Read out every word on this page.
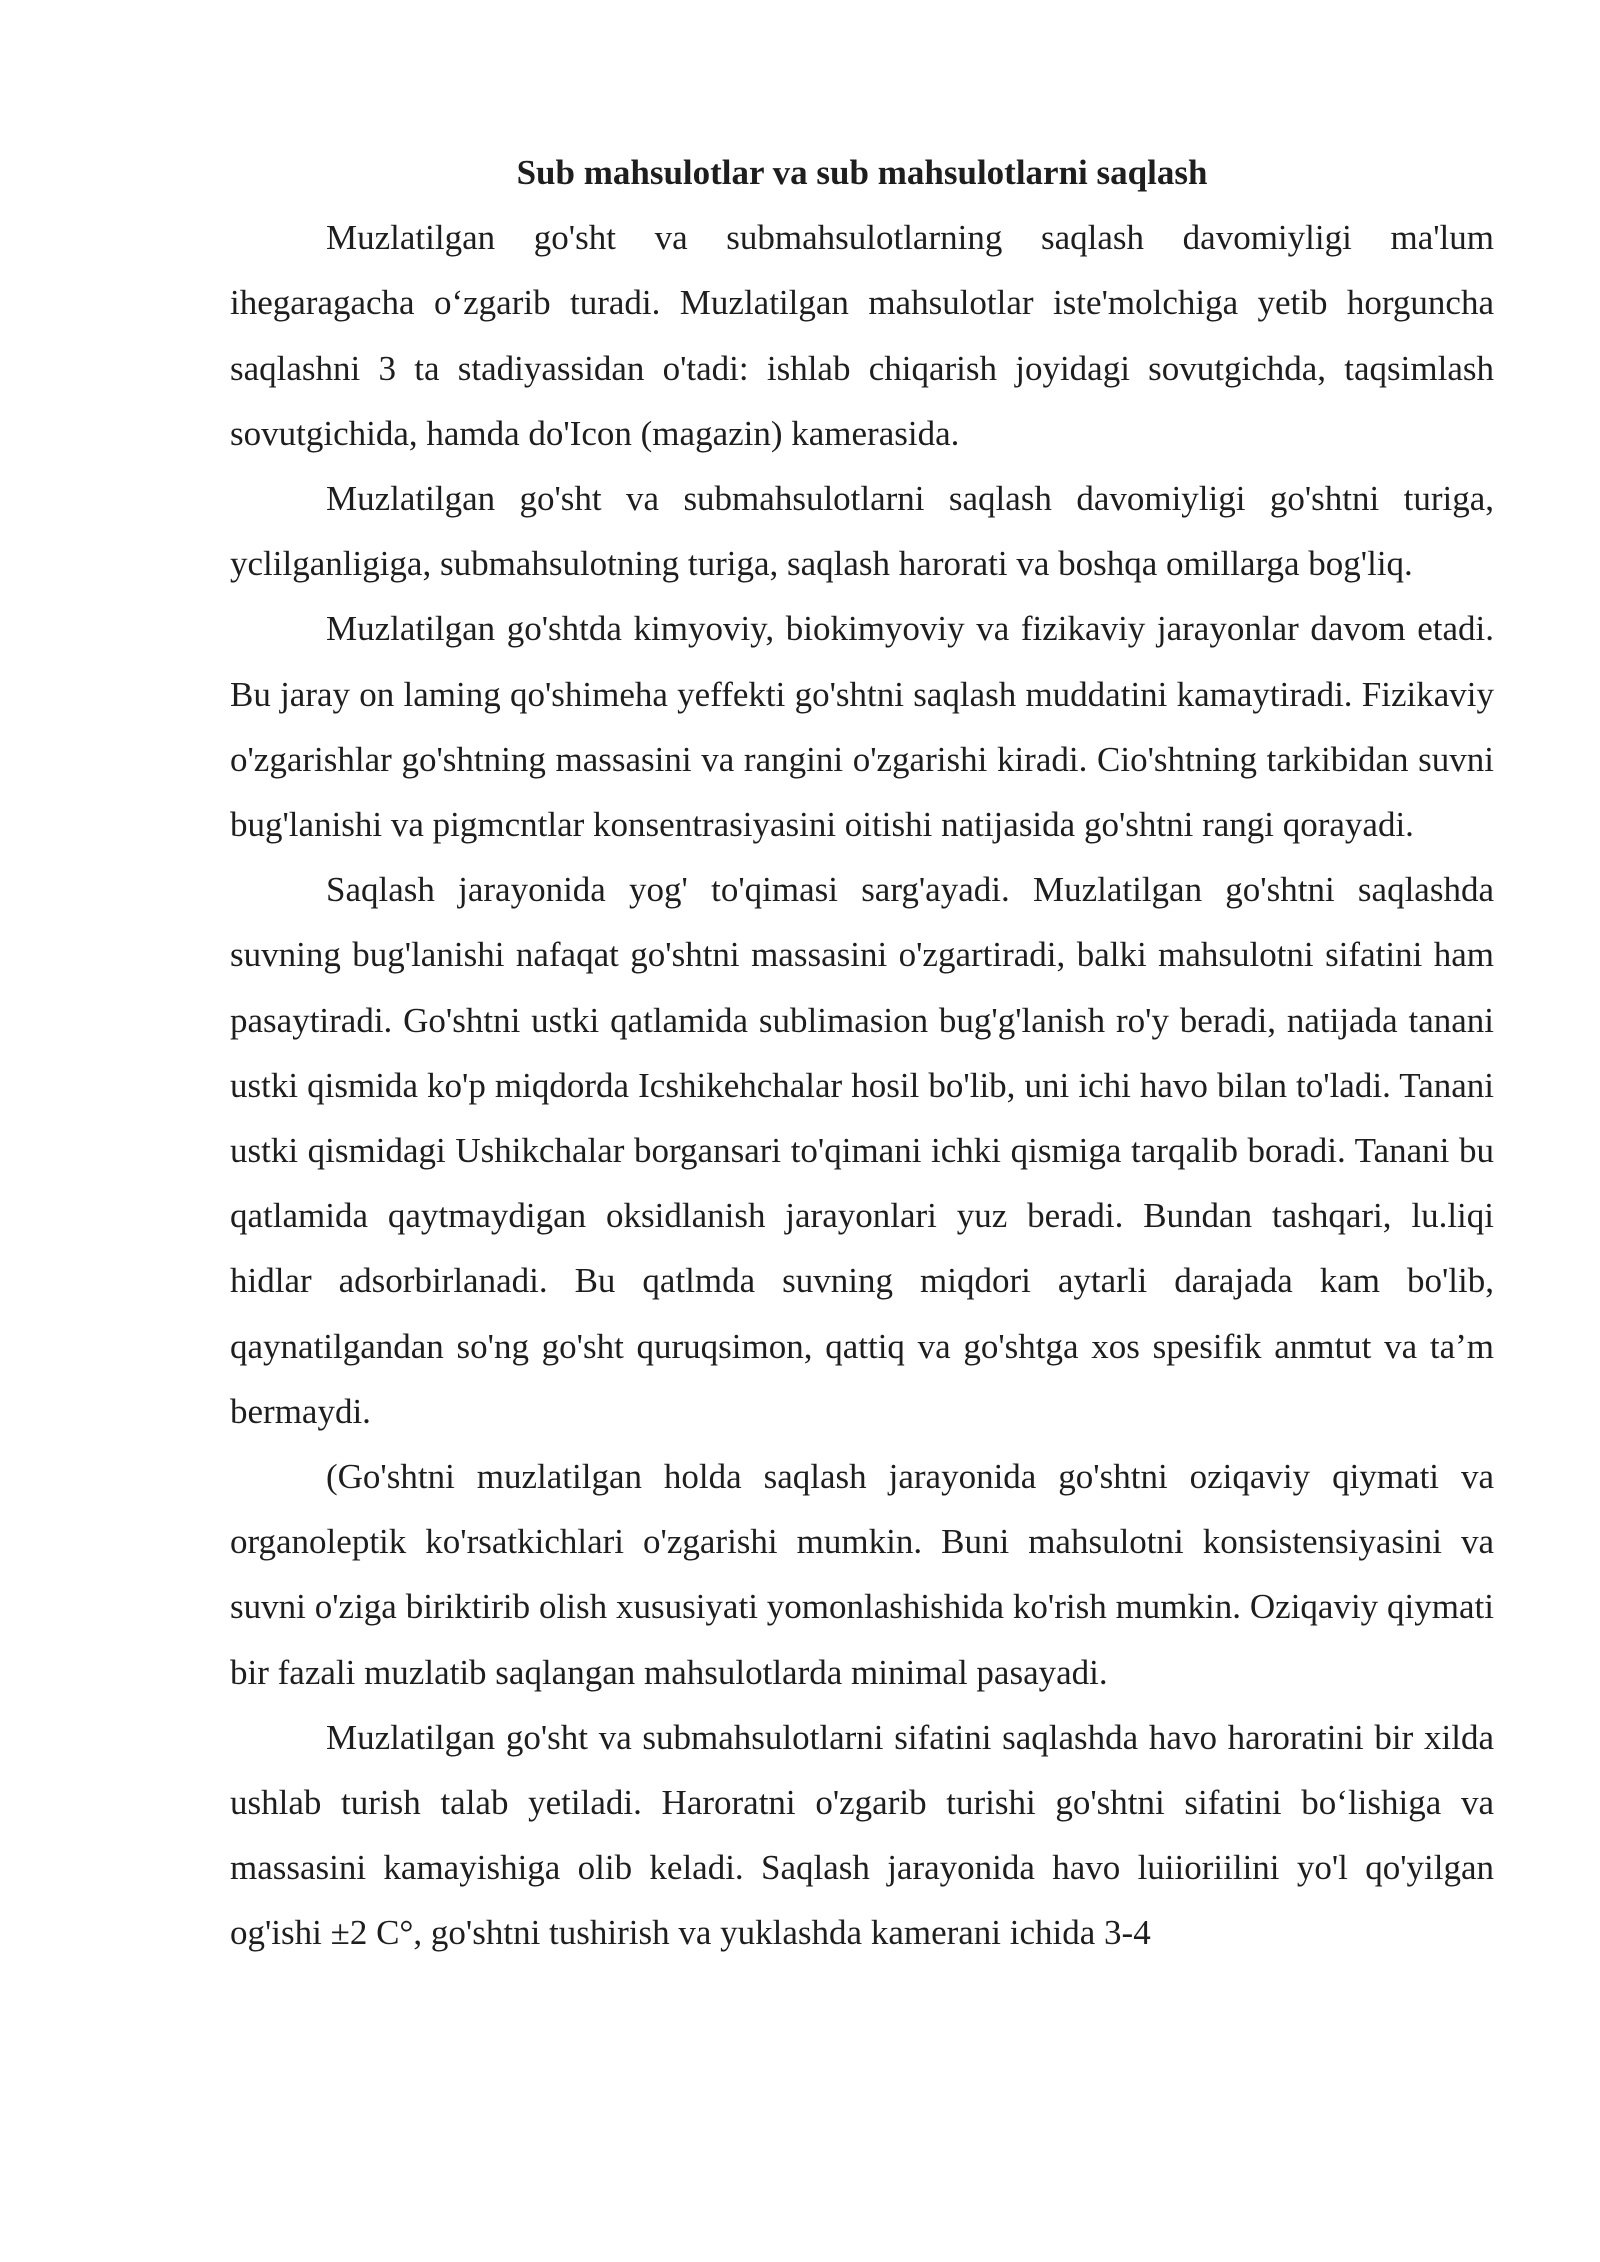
Sub mahsulotlar va sub mahsulotlarni saqlash

Muzlatilgan go'sht va submahsulotlarning saqlash davomiyligi ma'lum ihegaragacha o‘zgarib turadi. Muzlatilgan mahsulotlar iste'molchiga yetib horguncha saqlashni 3 ta stadiyassidan o'tadi: ishlab chiqarish joyidagi sovutgichda, taqsimlash sovutgichida, hamda do'Icon (magazin) kamerasida.

Muzlatilgan go'sht va submahsulotlarni saqlash davomiyligi go'shtni turiga, yclilganligiga, submahsulotning turiga, saqlash harorati va boshqa omillarga bog'liq.

Muzlatilgan go'shtda kimyoviy, biokimyoviy va fizikaviy jarayonlar davom etadi. Bu jaray on laming qo'shimeha yeffekti go'shtni saqlash muddatini kamaytiradi. Fizikaviy o'zgarishlar go'shtning massasini va rangini o'zgarishi kiradi. Cio'shtning tarkibidan suvni bug'lanishi va pigmcntlar konsentrasiyasini oitishi natijasida go'shtni rangi qorayadi.

Saqlash jarayonida yog' to'qimasi sarg'ayadi. Muzlatilgan go'shtni saqlashda suvning bug'lanishi nafaqat go'shtni massasini o'zgartiradi, balki mahsulotni sifatini ham pasaytiradi. Go'shtni ustki qatlamida sublimasion bug'g'lanish ro'y beradi, natijada tanani ustki qismida ko'p miqdorda Icshikehchalar hosil bo'lib, uni ichi havo bilan to'ladi. Tanani ustki qismidagi Ushikchalar borgansari to'qimani ichki qismiga tarqalib boradi. Tanani bu qatlamida qaytmaydigan oksidlanish jarayonlari yuz beradi. Bundan tashqari, lu.liqi hidlar adsorbirlanadi. Bu qatlmda suvning miqdori aytarli darajada kam bo'lib, qaynatilgandan so'ng go'sht quruqsimon, qattiq va go'shtga xos spesifik anmtut va ta’m bermaydi.

(Go'shtni muzlatilgan holda saqlash jarayonida go'shtni oziqaviy qiymati va organoleptik ko'rsatkichlari o'zgarishi mumkin. Buni mahsulotni konsistensiyasini va suvni o'ziga biriktirib olish xususiyati yomonlashishida ko'rish mumkin. Oziqaviy qiymati bir fazali muzlatib saqlangan mahsulotlarda minimal pasayadi.

Muzlatilgan go'sht va submahsulotlarni sifatini saqlashda havo haroratini bir xilda ushlab turish talab yetiladi. Haroratni o'zgarib turishi go'shtni sifatini bo‘lishiga va massasini kamayishiga olib keladi. Saqlash jarayonida havo luiioriilini yo'l qo'yilgan og'ishi ±2 C°, go'shtni tushirish va yuklashda kamerani ichida 3-4
